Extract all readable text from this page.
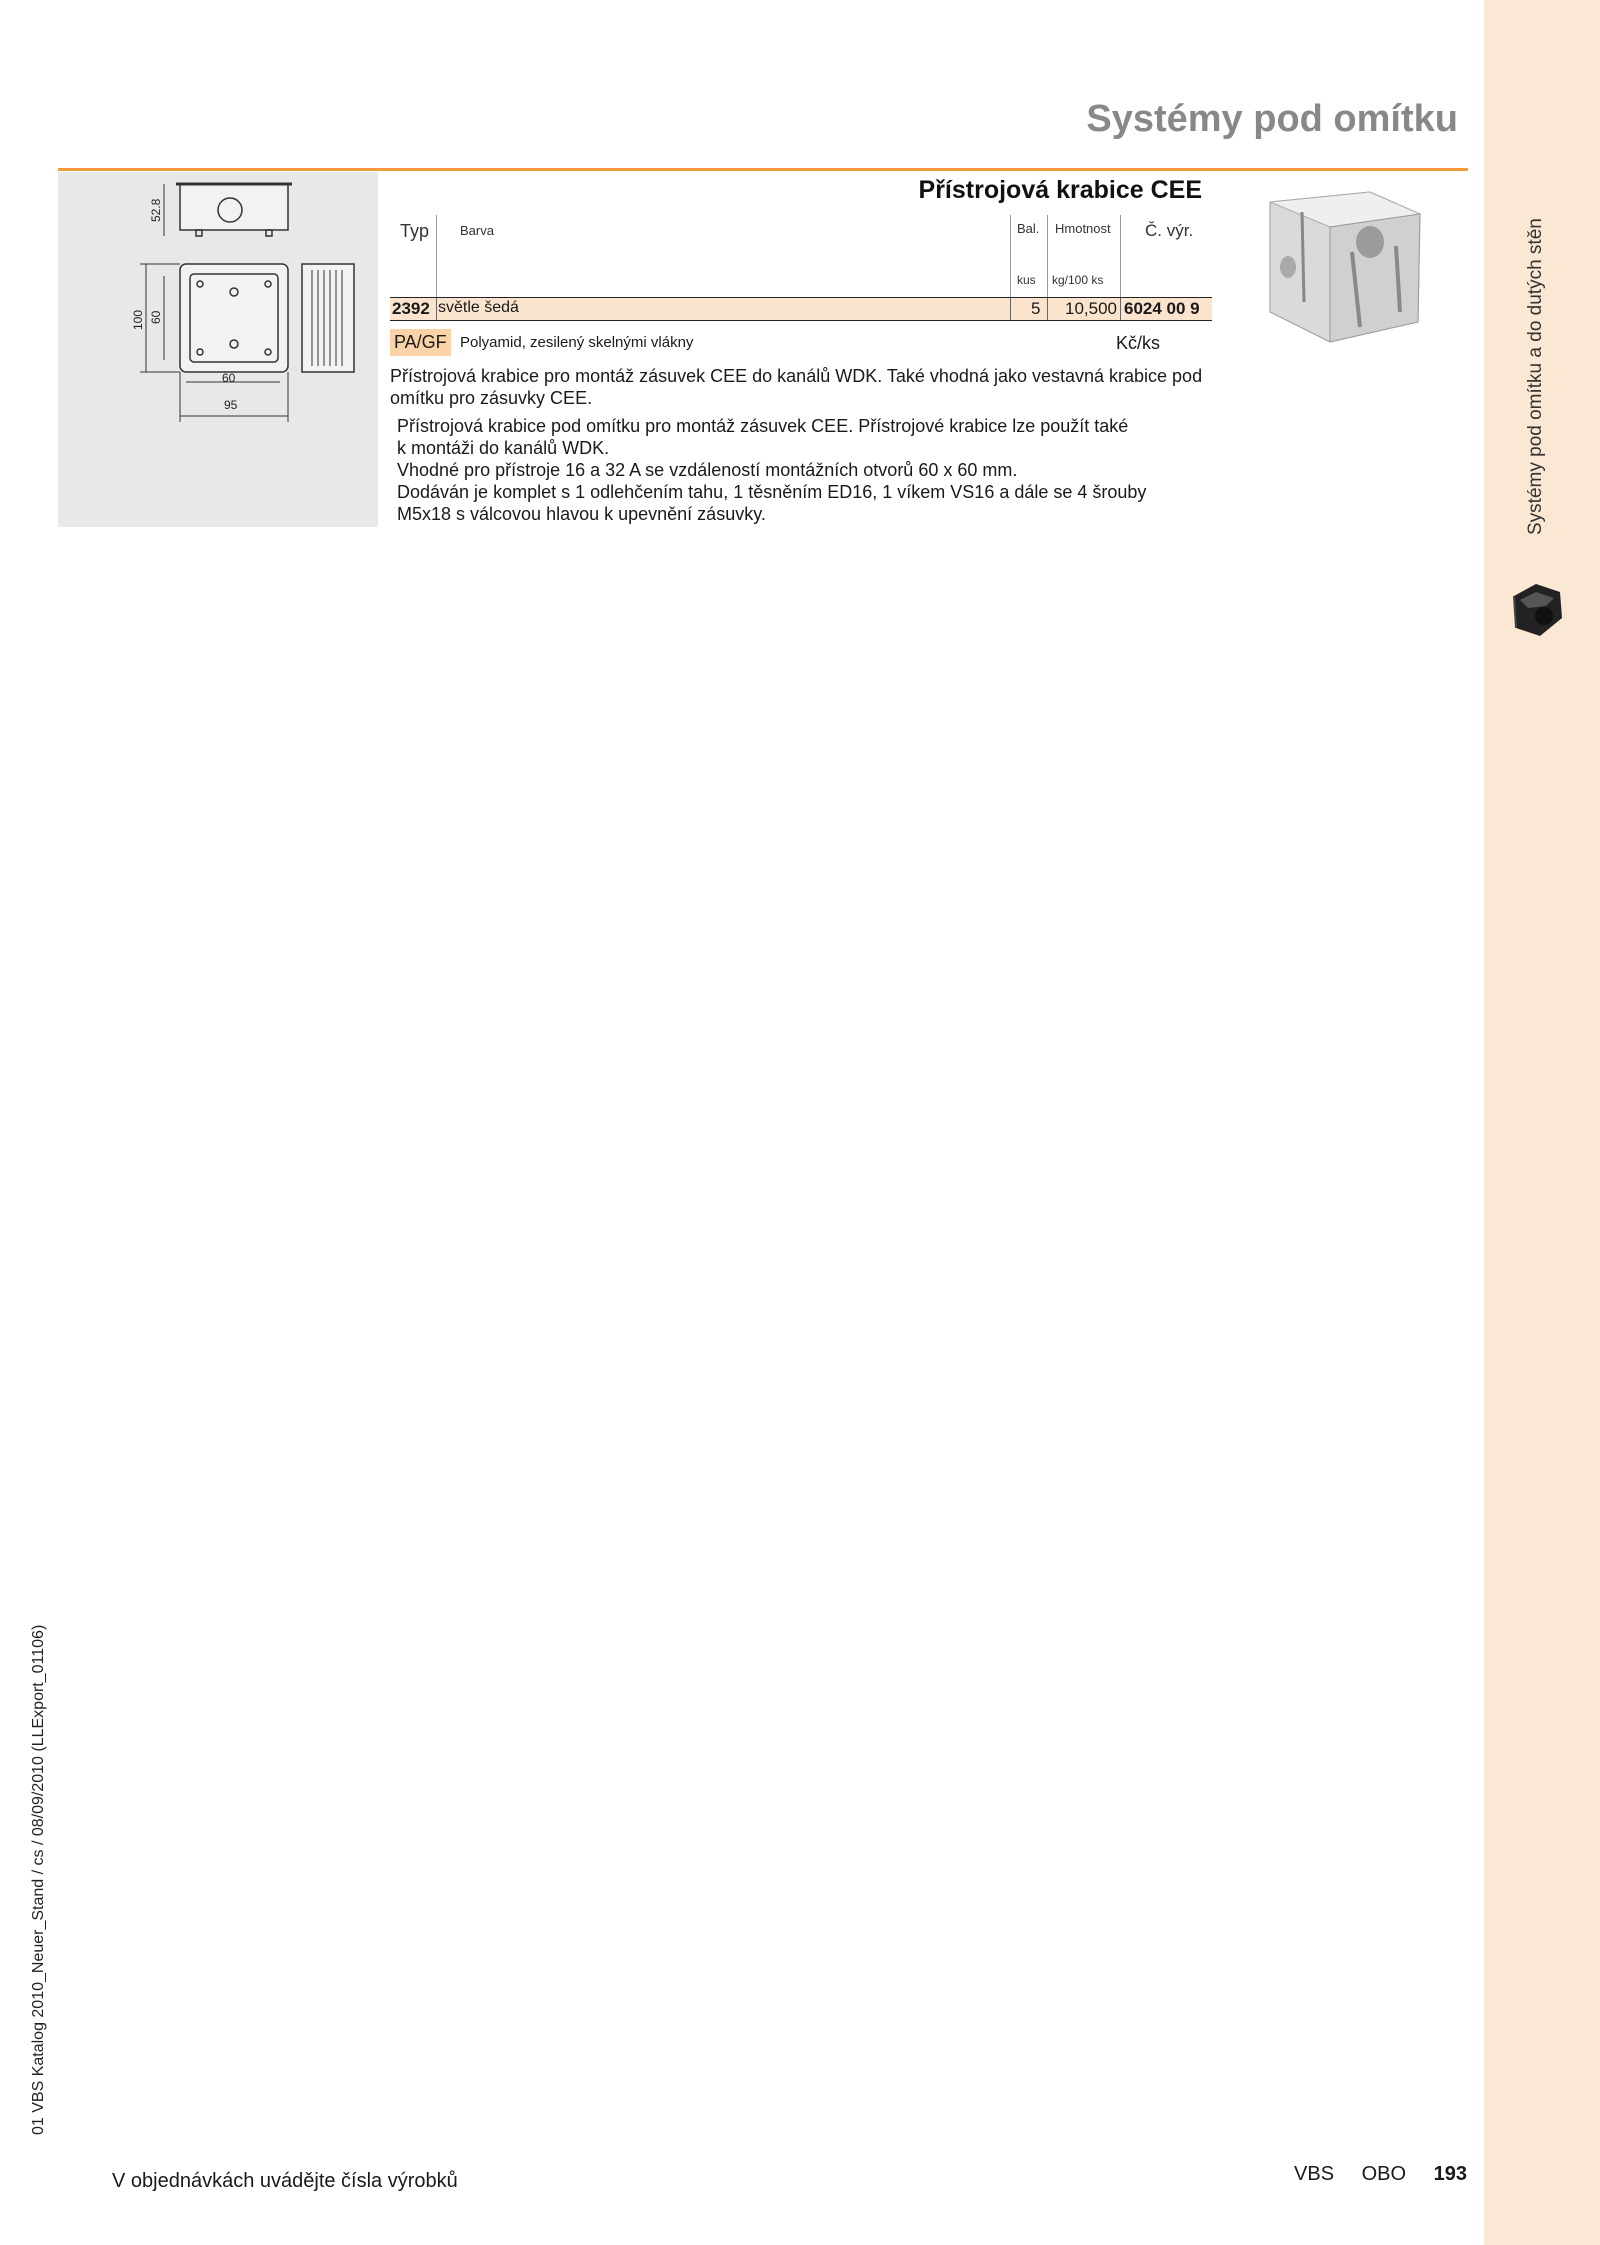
Systémy pod omítku a do dutých stěn
Systémy pod omítku
52.8
100 60
60
95
Přístrojová krabice CEE
Typ Barva	Bal. Hmotnost Č. výr.
kus kg/100 ks
2392 světle šedá	5	10,500 6024 00 9
PA/GF Polyamid, zesilený skelnými vlákny	Kč/ks

Přístrojová krabice pro montáž zásuvek CEE do kanálů WDK. Také vhodná jako vestavná krabice pod omítku pro zásuvky CEE.

Přístrojová krabice pod omítku pro montáž zásuvek CEE. Přístrojové krabice lze použít také

k montáži do kanálů WDK.

Vhodné pro přístroje 16 a 32 A se vzdáleností montážních otvorů 60 x 60 mm.

Dodáván je komplet s 1 odlehčením tahu, 1 těsněním ED16, 1 víkem VS16 a dále se 4 šrouby

M5x18 s válcovou hlavou k upevnění zásuvky.

01 VBS Katalog 2010_Neuer_Stand / cs / 08/09/2010 (LLExport_01106)
V objednávkách uvádějte čísla výrobků	VBS OBO 193
